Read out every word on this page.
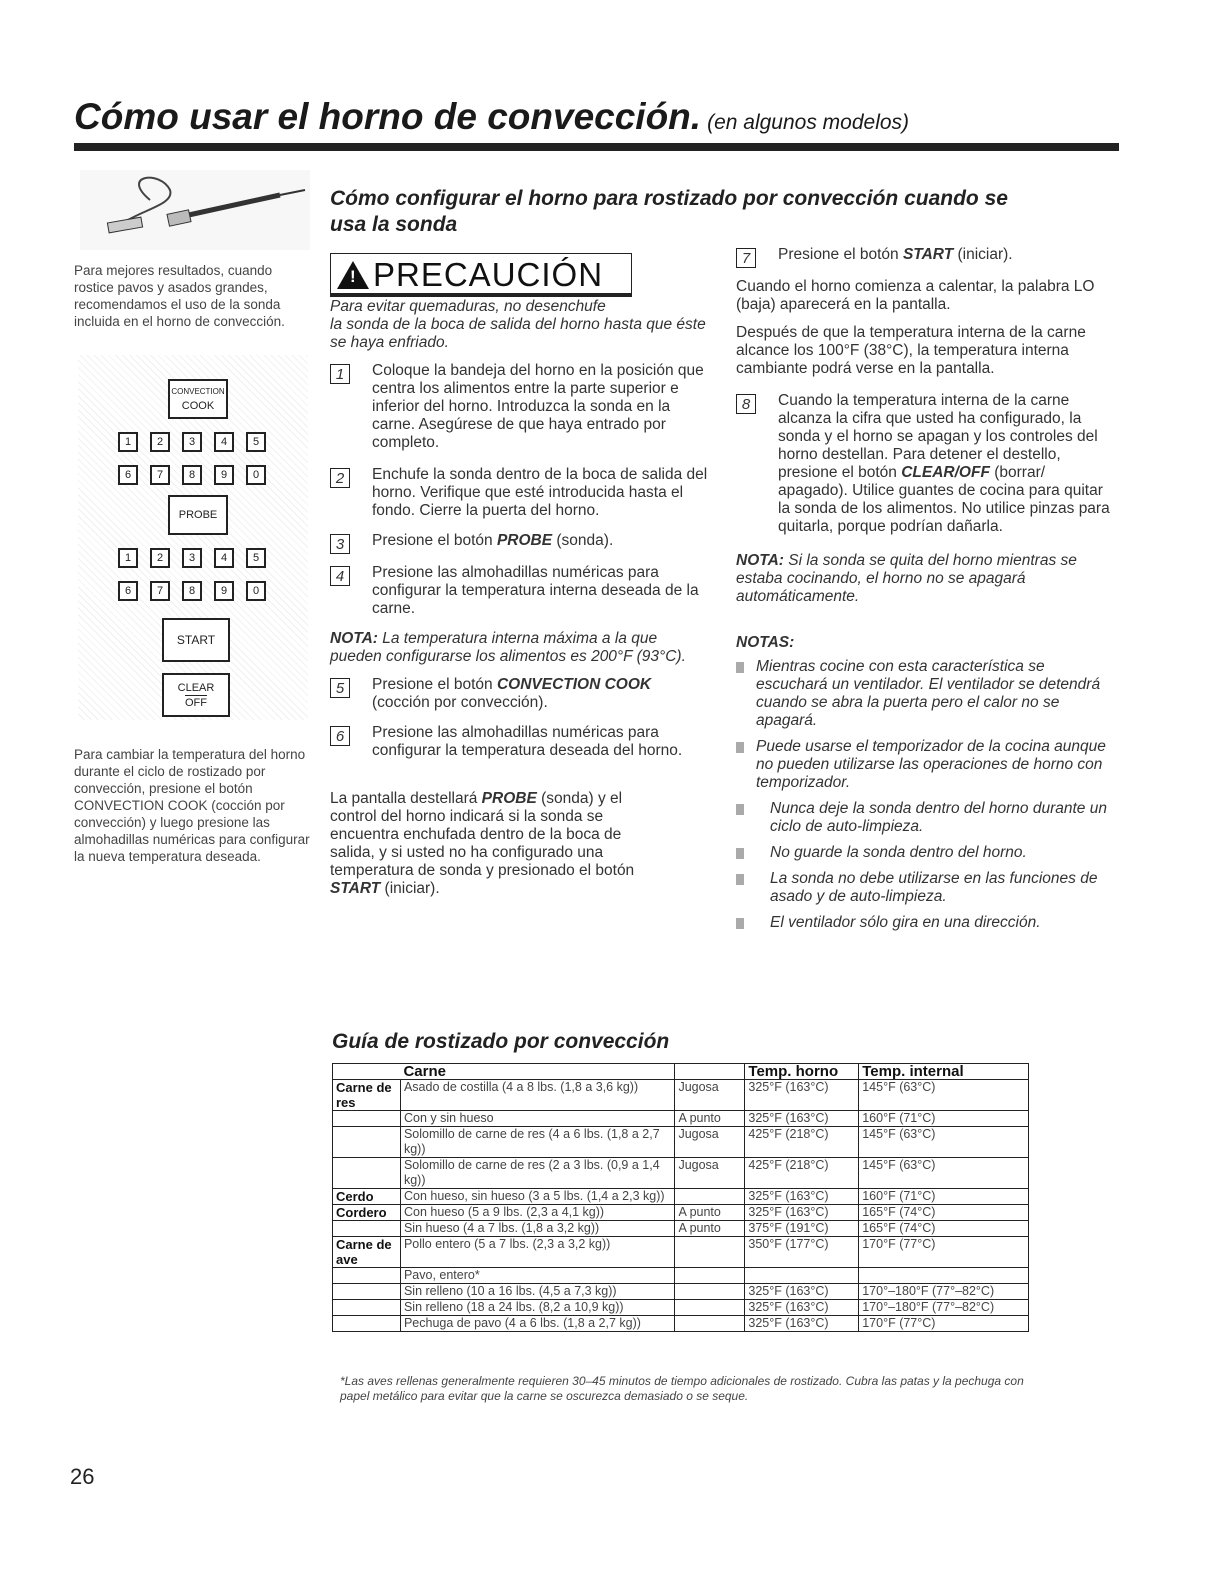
Cómo usar el horno de convección. (en algunos modelos)
Para mejores resultados, cuando rostice pavos y asados grandes, recomendamos el uso de la sonda incluida en el horno de convección.
CONVECTION
COOK
1	2	3	4	5
6	7	8	9	0
PROBE
1	2	3	4	5
6	7	8	9	0
START
CLEAR
OFF
Para cambiar la temperatura del horno durante el ciclo de rostizado por convección, presione el botón CONVECTION COOK (cocción por convección) y luego presione las almohadillas numéricas para configurar la nueva temperatura deseada.
Cómo configurar el horno para rostizado por convección cuando se usa la sonda
! PRECAUCIÓN
Para evitar quemaduras, no desenchufe
la sonda de la boca de salida del horno hasta que éste se haya enfriado.
1	Coloque la bandeja del horno en la posición que centra los alimentos entre la parte superior e inferior del horno. Introduzca la sonda en la carne. Asegúrese de que haya entrado por completo.
2	Enchufe la sonda dentro de la boca de salida del horno. Verifique que esté introducida hasta el fondo. Cierre la puerta del horno.
3	Presione el botón PROBE (sonda).
4	Presione las almohadillas numéricas para configurar la temperatura interna deseada de la carne.
NOTA: La temperatura interna máxima a la que pueden configurarse los alimentos es 200°F (93°C).
5	Presione el botón CONVECTION COOK (cocción por convección).
6	Presione las almohadillas numéricas para configurar la temperatura deseada del horno.
La pantalla destellará PROBE (sonda) y el control del horno indicará si la sonda se encuentra enchufada dentro de la boca de salida, y si usted no ha configurado una temperatura de sonda y presionado el botón START (iniciar).
7	Presione el botón START (iniciar).
Cuando el horno comienza a calentar, la palabra LO (baja) aparecerá en la pantalla.
Después de que la temperatura interna de la carne alcance los 100°F (38°C), la temperatura interna cambiante podrá verse en la pantalla.
8	Cuando la temperatura interna de la carne alcanza la cifra que usted ha configurado, la sonda y el horno se apagan y los controles del horno destellan. Para detener el destello, presione el botón CLEAR/OFF (borrar/ apagado). Utilice guantes de cocina para quitar la sonda de los alimentos. No utilice pinzas para quitarla, porque podrían dañarla.
NOTA: Si la sonda se quita del horno mientras se estaba cocinando, el horno no se apagará automáticamente.
NOTAS:
Mientras cocine con esta característica se escuchará un ventilador. El ventilador se detendrá cuando se abra la puerta pero el calor no se apagará.
Puede usarse el temporizador de la cocina aunque no pueden utilizarse las operaciones de horno con temporizador.
Nunca deje la sonda dentro del horno durante un ciclo de auto-limpieza.
No guarde la sonda dentro del horno.
La sonda no debe utilizarse en las funciones de asado y de auto-limpieza.
El ventilador sólo gira en una dirección.
Guía de rostizado por convección
	Carne		Temp. horno	Temp. internal
Carne de res	Asado de costilla (4 a 8 lbs. (1,8 a 3,6 kg))	Jugosa	325°F (163°C)	145°F (63°C)
	Con y sin hueso	A punto	325°F (163°C)	160°F (71°C)
	Solomillo de carne de res (4 a 6 lbs. (1,8 a 2,7 kg))	Jugosa	425°F (218°C)	145°F (63°C)
	Solomillo de carne de res (2 a 3 lbs. (0,9 a 1,4 kg))	Jugosa	425°F (218°C)	145°F (63°C)
Cerdo	Con hueso, sin hueso (3 a 5 lbs. (1,4 a 2,3 kg))		325°F (163°C)	160°F (71°C)
Cordero	Con hueso (5 a 9 lbs. (2,3 a 4,1 kg))	A punto	325°F (163°C)	165°F (74°C)
	Sin hueso (4 a 7 lbs. (1,8 a 3,2 kg))	A punto	375°F (191°C)	165°F (74°C)
Carne de ave	Pollo entero (5 a 7 lbs. (2,3 a 3,2 kg))		350°F (177°C)	170°F (77°C)
	Pavo, entero*			
	Sin relleno (10 a 16 lbs. (4,5 a 7,3 kg))		325°F (163°C)	170°–180°F (77°–82°C)
	Sin relleno (18 a 24 lbs. (8,2 a 10,9 kg))		325°F (163°C)	170°–180°F (77°–82°C)
	Pechuga de pavo (4 a 6 lbs. (1,8 a 2,7 kg))		325°F (163°C)	170°F (77°C)
*Las aves rellenas generalmente requieren 30–45 minutos de tiempo adicionales de rostizado. Cubra las patas y la pechuga con papel metálico para evitar que la carne se oscurezca demasiado o se seque.
26
